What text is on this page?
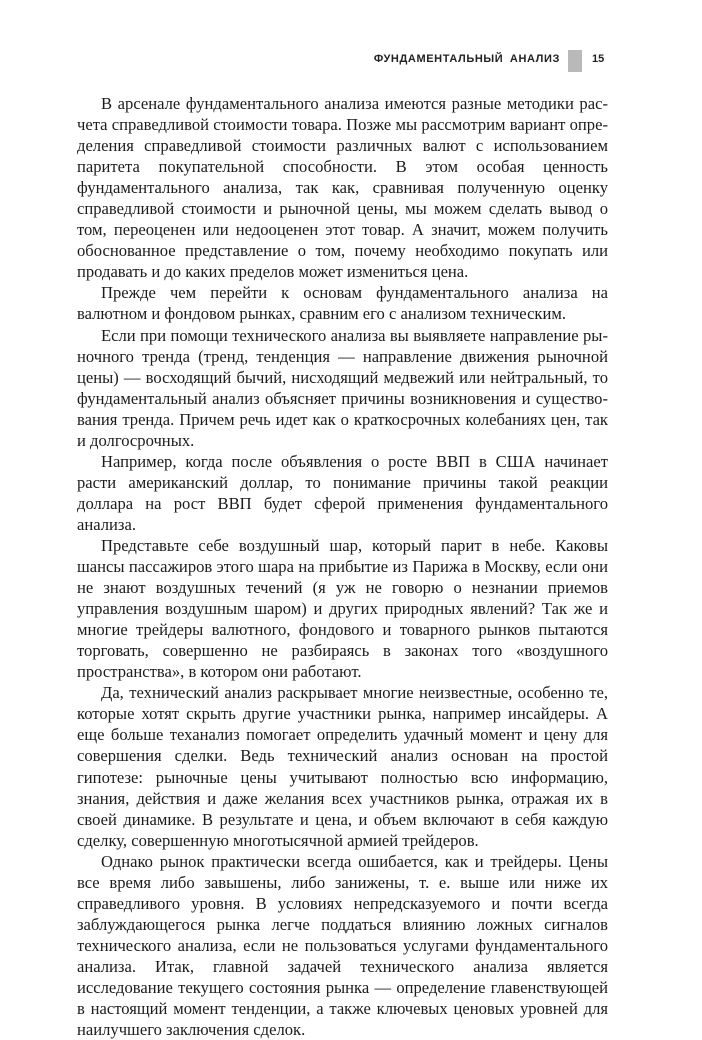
ФУНДАМЕНТАЛЬНЫЙ АНАЛИЗ	15

В арсенале фундаментального анализа имеются разные методики расчета справедливой стоимости товара. Позже мы рассмотрим вариант определения справедливой стоимости различных валют с использованием паритета покупательной способности. В этом особая ценность фундаментального анализа, так как, сравнивая полученную оценку справедливой стоимости и рыночной цены, мы можем сделать вывод о том, переоценен или недооценен этот товар. А значит, можем получить обоснованное представление о том, почему необходимо покупать или продавать и до каких пределов может измениться цена.

Прежде чем перейти к основам фундаментального анализа на валютном и фондовом рынках, сравним его с анализом техническим.

Если при помощи технического анализа вы выявляете направление рыночного тренда (тренд, тенденция — направление движения рыночной цены) — восходящий бычий, нисходящий медвежий или нейтральный, то фундаментальный анализ объясняет причины возникновения и существования тренда. Причем речь идет как о краткосрочных колебаниях цен, так и долгосрочных.

Например, когда после объявления о росте ВВП в США начинает расти американский доллар, то понимание причины такой реакции доллара на рост ВВП будет сферой применения фундаментального анализа.

Представьте себе воздушный шар, который парит в небе. Каковы шансы пассажиров этого шара на прибытие из Парижа в Москву, если они не знают воздушных течений (я уж не говорю о незнании приемов управления воздушным шаром) и других природных явлений? Так же и многие трейдеры валютного, фондового и товарного рынков пытаются торговать, совершенно не разбираясь в законах того «воздушного пространства», в котором они работают.

Да, технический анализ раскрывает многие неизвестные, особенно те, которые хотят скрыть другие участники рынка, например инсайдеры. А еще больше теханализ помогает определить удачный момент и цену для совершения сделки. Ведь технический анализ основан на простой гипотезе: рыночные цены учитывают полностью всю информацию, знания, действия и даже желания всех участников рынка, отражая их в своей динамике. В результате и цена, и объем включают в себя каждую сделку, совершенную многотысячной армией трейдеров.

Однако рынок практически всегда ошибается, как и трейдеры. Цены все время либо завышены, либо занижены, т. е. выше или ниже их справедливого уровня. В условиях непредсказуемого и почти всегда заблуждающегося рынка легче поддаться влиянию ложных сигналов технического анализа, если не пользоваться услугами фундаментального анализа. Итак, главной задачей технического анализа является исследование текущего состояния рынка — определение главенствующей в настоящий момент тенденции, а также ключевых ценовых уровней для наилучшего заключения сделок.
